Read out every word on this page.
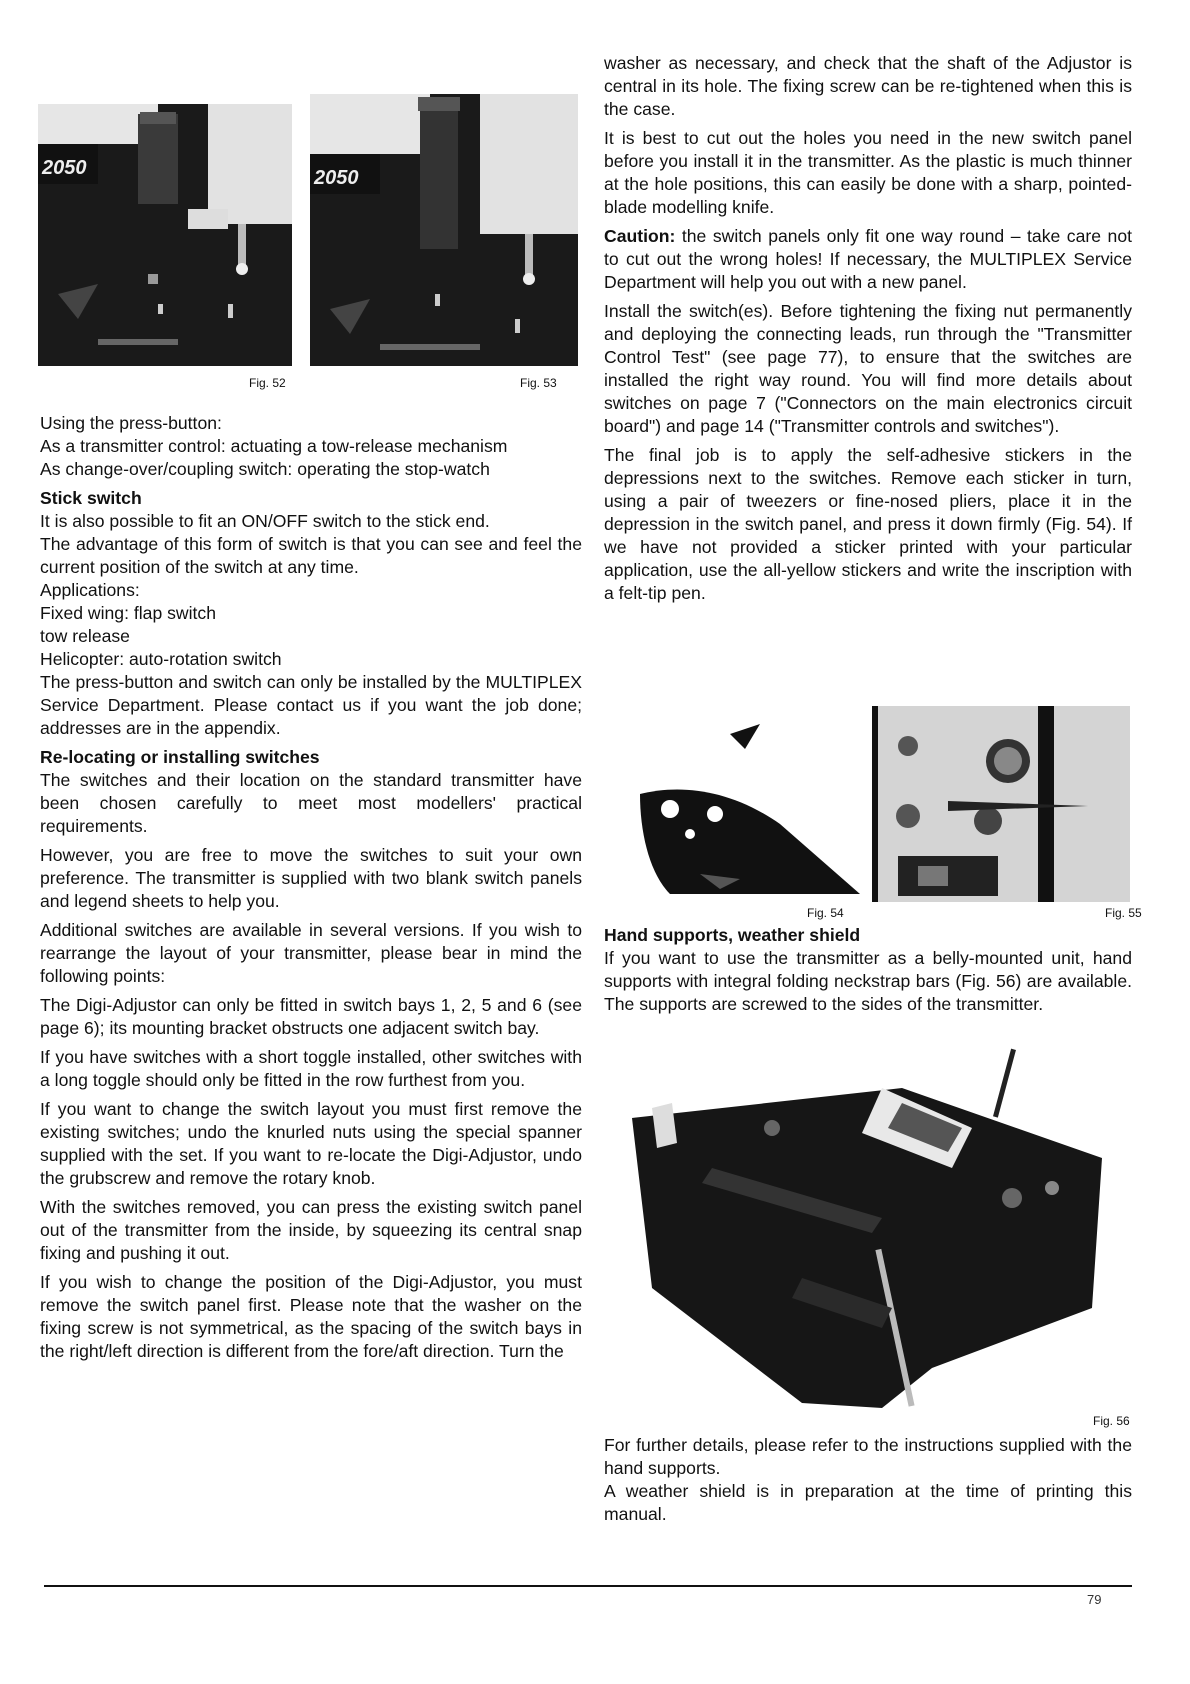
2050
Fig. 52
2050
Fig. 53

Using the press-button:

As a transmitter control: actuating a tow-release mechanism

As change-over/coupling switch: operating the stop-watch

Stick switch

It is also possible to fit an ON/OFF switch to the stick end.

The advantage of this form of switch is that you can see and feel the current position of the switch at any time.

Applications:

Fixed wing: flap switch

tow release

Helicopter: auto-rotation switch

The press-button and switch can only be installed by the MULTIPLEX Service Department. Please contact us if you want the job done; addresses are in the appendix.

Re-locating or installing switches

The switches and their location on the standard transmitter have been chosen carefully to meet most modellers' practical requirements.

However, you are free to move the switches to suit your own preference. The transmitter is supplied with two blank switch panels and legend sheets to help you.

Additional switches are available in several versions. If you wish to rearrange the layout of your transmitter, please bear in mind the following points:

The Digi-Adjustor can only be fitted in switch bays 1, 2, 5 and 6 (see page 6); its mounting bracket obstructs one adjacent switch bay.

If you have switches with a short toggle installed, other switches with a long toggle should only be fitted in the row furthest from you.

If you want to change the switch layout you must first remove the existing switches; undo the knurled nuts using the special spanner supplied with the set. If you want to re-locate the Digi-Adjustor, undo the grubscrew and remove the rotary knob.

With the switches removed, you can press the existing switch panel out of the transmitter from the inside, by squeezing its central snap fixing and pushing it out.

If you wish to change the position of the Digi-Adjustor, you must remove the switch panel first. Please note that the washer on the fixing screw is not symmetrical, as the spacing of the switch bays in the right/left direction is different from the fore/aft direction. Turn the

washer as necessary, and check that the shaft of the Adjustor is central in its hole. The fixing screw can be re-tightened when this is the case.

It is best to cut out the holes you need in the new switch panel before you install it in the transmitter. As the plastic is much thinner at the hole positions, this can easily be done with a sharp, pointed-blade modelling knife.

Caution: the switch panels only fit one way round – take care not to cut out the wrong holes! If necessary, the MULTIPLEX Service Department will help you out with a new panel.

Install the switch(es). Before tightening the fixing nut permanently and deploying the connecting leads, run through the "Transmitter Control Test" (see page 77), to ensure that the switches are installed the right way round. You will find more details about switches on page 7 ("Connectors on the main electronics circuit board") and page 14 ("Transmitter controls and switches").

The final job is to apply the self-adhesive stickers in the depressions next to the switches. Remove each sticker in turn, using a pair of tweezers or fine-nosed pliers, place it in the depression in the switch panel, and press it down firmly (Fig. 54). If we have not provided a sticker printed with your particular application, use the all-yellow stickers and write the inscription with a felt-tip pen.

Fig. 54	Fig. 55
Hand supports, weather shield

If you want to use the transmitter as a belly-mounted unit, hand supports with integral folding neckstrap bars (Fig. 56) are available. The supports are screwed to the sides of the transmitter.

Fig. 56

For further details, please refer to the instructions supplied with the hand supports.

A weather shield is in preparation at the time of printing this manual.

79
